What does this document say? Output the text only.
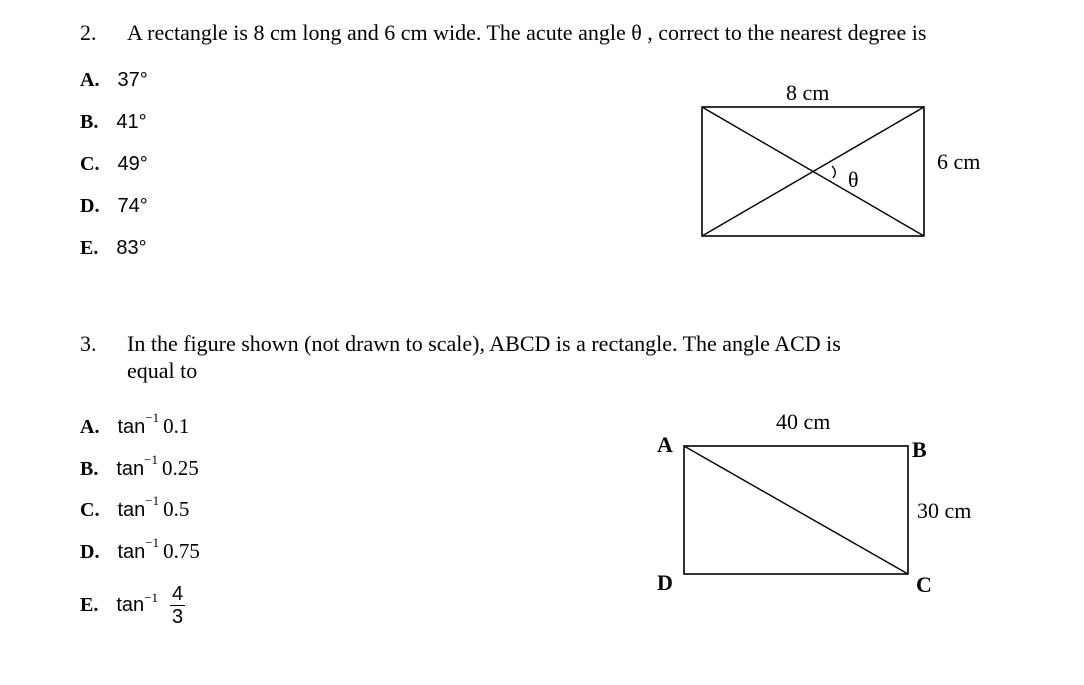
2. A rectangle is 8 cm long and 6 cm wide. The acute angle θ , correct to the nearest degree is
A. 37°
B. 41°
C. 49°
D. 74°
E. 83°
8 cm
6 cm
θ
3. In the figure shown (not drawn to scale), ABCD is a rectangle. The angle ACD is
equal to
A. $\tan^{-1} 0.1$
B. $\tan^{-1} 0.25$
C. $\tan^{-1} 0.5$
D. $\tan^{-1} 0.75$
E. $\tan^{-1} \frac{4}{3}$
40 cm
30 cm
A	B
C
D
